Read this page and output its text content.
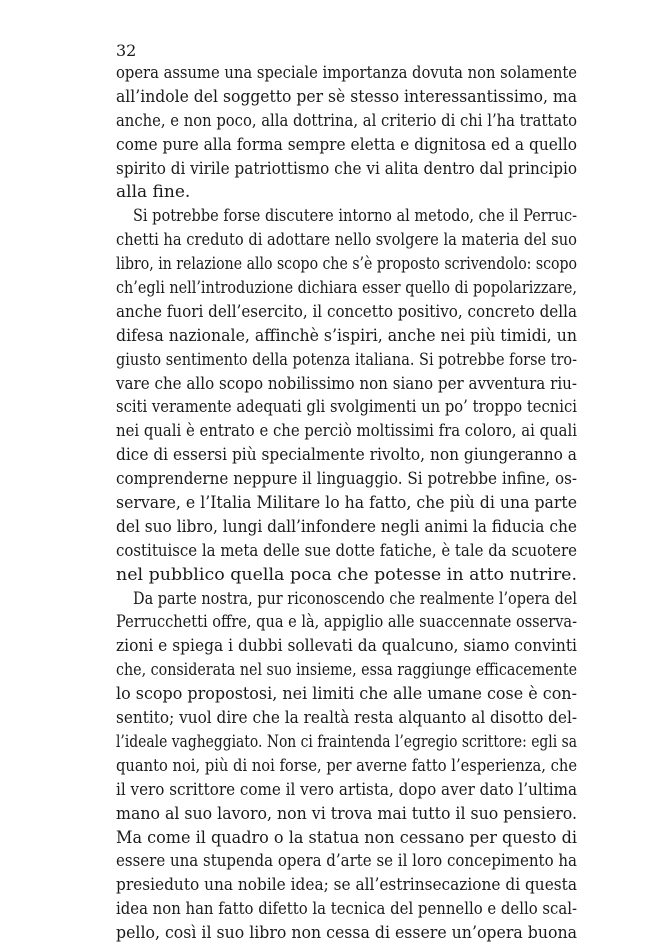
32

opera assume una speciale importanza dovuta non solamente
all’indole del soggetto per sè stesso interessantissimo, ma
anche, e non poco, alla dottrina, al criterio di chi l’ha trattato
come pure alla forma sempre eletta e dignitosa ed a quello
spirito di virile patriottismo che vi alita dentro dal principio
alla fine.
Si potrebbe forse discutere intorno al metodo, che il Perruc-
chetti ha creduto di adottare nello svolgere la materia del suo
libro, in relazione allo scopo che s’è proposto scrivendolo: scopo
ch’egli nell’introduzione dichiara esser quello di popolarizzare,
anche fuori dell’esercito, il concetto positivo, concreto della
difesa nazionale, affinchè s’ispiri, anche nei più timidi, un
giusto sentimento della potenza italiana. Si potrebbe forse tro-
vare che allo scopo nobilissimo non siano per avventura riu-
sciti veramente adequati gli svolgimenti un po’ troppo tecnici
nei quali è entrato e che perciò moltissimi fra coloro, ai quali
dice di essersi più specialmente rivolto, non giungeranno a
comprenderne neppure il linguaggio. Si potrebbe infine, os-
servare, e l’Italia Militare lo ha fatto, che più di una parte
del suo libro, lungi dall’infondere negli animi la fiducia che
costituisce la meta delle sue dotte fatiche, è tale da scuotere
nel pubblico quella poca che potesse in atto nutrire.
Da parte nostra, pur riconoscendo che realmente l’opera del
Perrucchetti offre, qua e là, appiglio alle suaccennate osserva-
zioni e spiega i dubbi sollevati da qualcuno, siamo convinti
che, considerata nel suo insieme, essa raggiunge efficacemente
lo scopo propostosi, nei limiti che alle umane cose è con-
sentito; vuol dire che la realtà resta alquanto al disotto del-
l’ideale vagheggiato. Non ci fraintenda l’egregio scrittore: egli sa
quanto noi, più di noi forse, per averne fatto l’esperienza, che
il vero scrittore come il vero artista, dopo aver dato l’ultima
mano al suo lavoro, non vi trova mai tutto il suo pensiero.
Ma come il quadro o la statua non cessano per questo di
essere una stupenda opera d’arte se il loro concepimento ha
presieduto una nobile idea; se all’estrinsecazione di questa
idea non han fatto difetto la tecnica del pennello e dello scal-
pello, così il suo libro non cessa di essere un’opera buona
